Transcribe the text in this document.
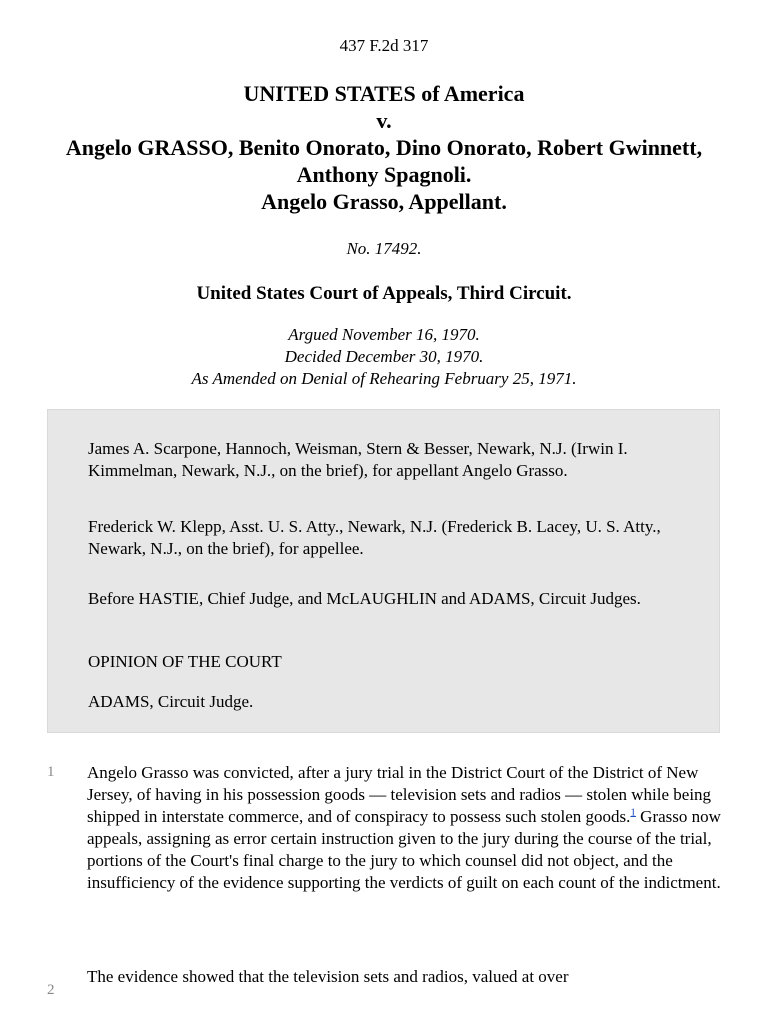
437 F.2d 317
UNITED STATES of America
v.
Angelo GRASSO, Benito Onorato, Dino Onorato, Robert Gwinnett, Anthony Spagnoli.
Angelo Grasso, Appellant.
No. 17492.
United States Court of Appeals, Third Circuit.
Argued November 16, 1970.
Decided December 30, 1970.
As Amended on Denial of Rehearing February 25, 1971.

James A. Scarpone, Hannoch, Weisman, Stern & Besser, Newark, N.J. (Irwin I. Kimmelman, Newark, N.J., on the brief), for appellant Angelo Grasso.

Frederick W. Klepp, Asst. U. S. Atty., Newark, N.J. (Frederick B. Lacey, U. S. Atty., Newark, N.J., on the brief), for appellee.

Before HASTIE, Chief Judge, and McLAUGHLIN and ADAMS, Circuit Judges.

OPINION OF THE COURT

ADAMS, Circuit Judge.

1 Angelo Grasso was convicted, after a jury trial in the District Court of the District of New Jersey, of having in his possession goods — television sets and radios — stolen while being shipped in interstate commerce, and of conspiracy to possess such stolen goods.$^1$ Grasso now appeals, assigning as error certain instruction given to the jury during the course of the trial, portions of the Court's final charge to the jury to which counsel did not object, and the insufficiency of the evidence supporting the verdicts of guilt on each count of the indictment.
2
The evidence showed that the television sets and radios, valued at over
